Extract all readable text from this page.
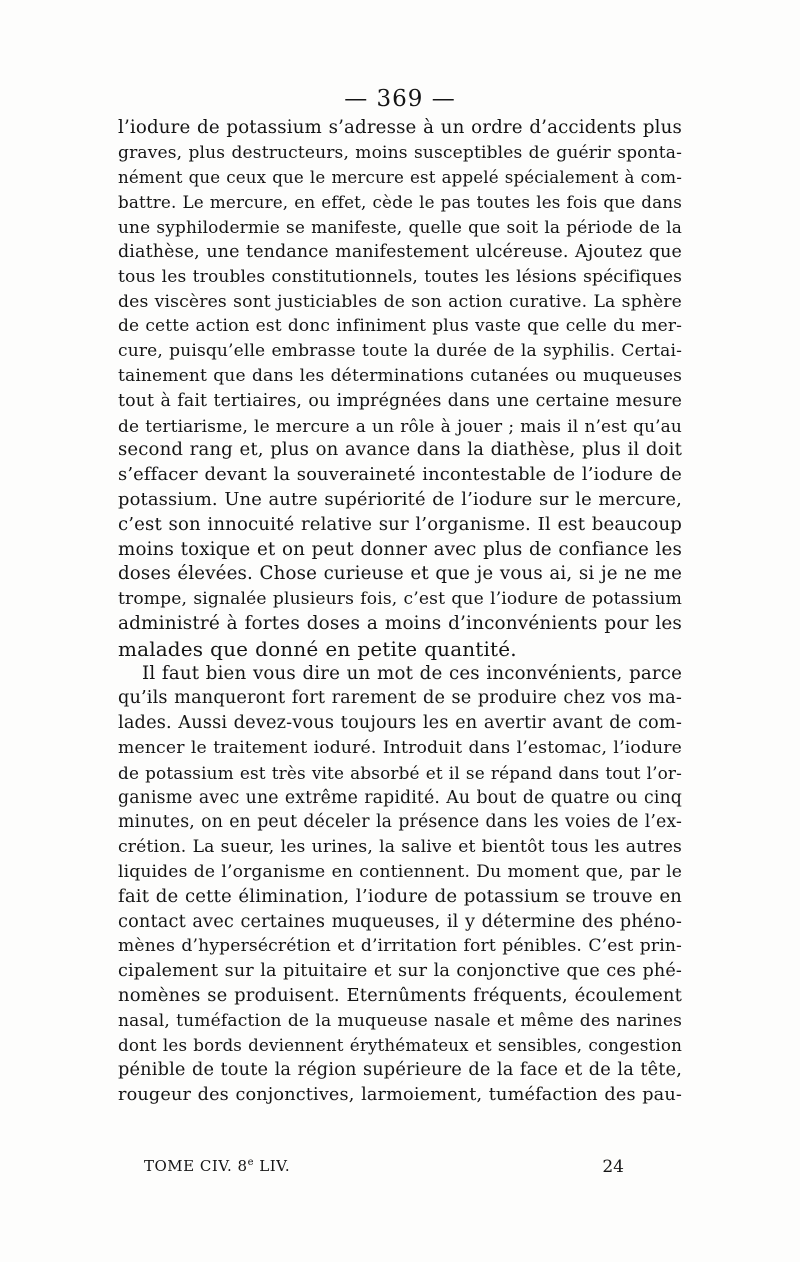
— 369 —
l’iodure de potassium s’adresse à un ordre d’accidents plus
graves, plus destructeurs, moins susceptibles de guérir sponta-
nément que ceux que le mercure est appelé spécialement à com-
battre. Le mercure, en effet, cède le pas toutes les fois que dans
une syphilodermie se manifeste, quelle que soit la période de la
diathèse, une tendance manifestement ulcéreuse. Ajoutez que
tous les troubles constitutionnels, toutes les lésions spécifiques
des viscères sont justiciables de son action curative. La sphère
de cette action est donc infiniment plus vaste que celle du mer-
cure, puisqu’elle embrasse toute la durée de la syphilis. Certai-
tainement que dans les déterminations cutanées ou muqueuses
tout à fait tertiaires, ou imprégnées dans une certaine mesure
de tertiarisme, le mercure a un rôle à jouer ; mais il n’est qu’au
second rang et, plus on avance dans la diathèse, plus il doit
s’effacer devant la souveraineté incontestable de l’iodure de
potassium. Une autre supériorité de l’iodure sur le mercure,
c’est son innocuité relative sur l’organisme. Il est beaucoup
moins toxique et on peut donner avec plus de confiance les
doses élevées. Chose curieuse et que je vous ai, si je ne me
trompe, signalée plusieurs fois, c’est que l’iodure de potassium
administré à fortes doses a moins d’inconvénients pour les
malades que donné en petite quantité.
Il faut bien vous dire un mot de ces inconvénients, parce
qu’ils manqueront fort rarement de se produire chez vos ma-
lades. Aussi devez-vous toujours les en avertir avant de com-
mencer le traitement ioduré. Introduit dans l’estomac, l’iodure
de potassium est très vite absorbé et il se répand dans tout l’or-
ganisme avec une extrême rapidité. Au bout de quatre ou cinq
minutes, on en peut déceler la présence dans les voies de l’ex-
crétion. La sueur, les urines, la salive et bientôt tous les autres
liquides de l’organisme en contiennent. Du moment que, par le
fait de cette élimination, l’iodure de potassium se trouve en
contact avec certaines muqueuses, il y détermine des phéno-
mènes d’hypersécrétion et d’irritation fort pénibles. C’est prin-
cipalement sur la pituitaire et sur la conjonctive que ces phé-
nomènes se produisent. Eternûments fréquents, écoulement
nasal, tuméfaction de la muqueuse nasale et même des narines
dont les bords deviennent érythémateux et sensibles, congestion
pénible de toute la région supérieure de la face et de la tête,
rougeur des conjonctives, larmoiement, tuméfaction des pau-
TOME CIV. 8e LIV.	24
